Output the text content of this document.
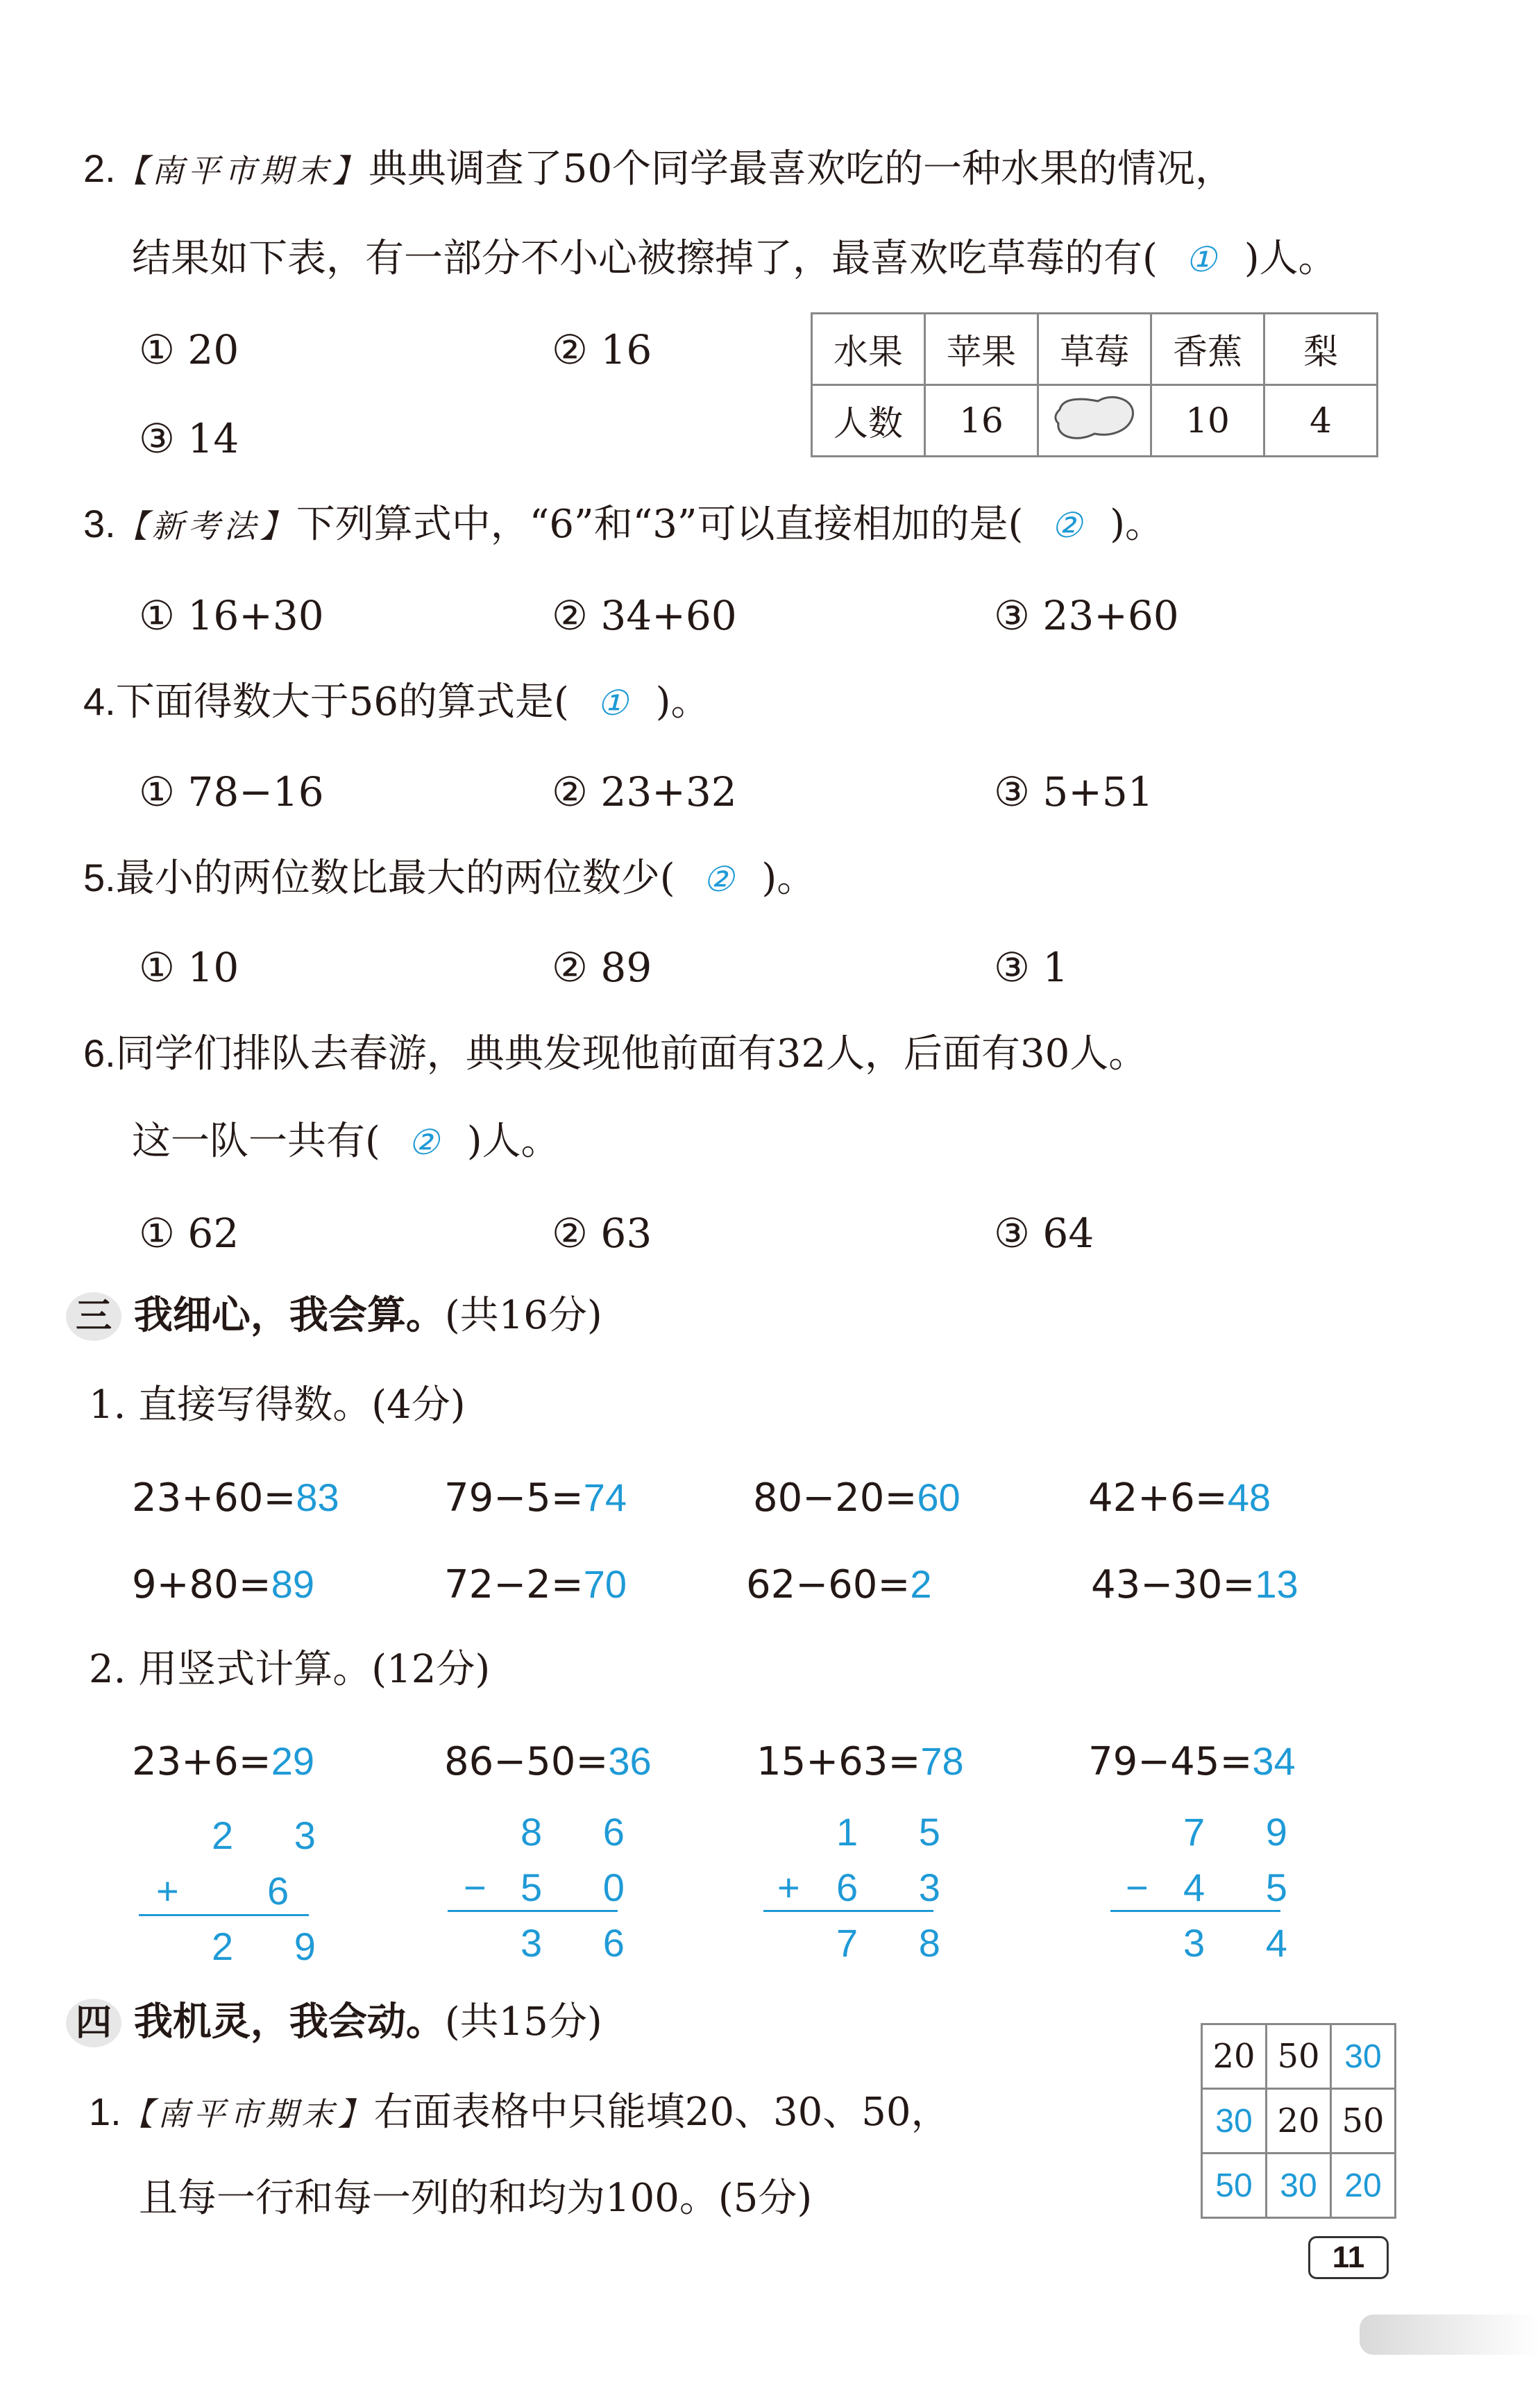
2.【南平市期末】典典调查了50个同学最喜欢吃的一种水果的情况，
结果如下表，有一部分不小心被擦掉了，最喜欢吃草莓的有( ① )人。
① 20	② 16
③ 14
水果	苹果	草莓	香蕉	梨
人数	16		10	4
3.【新考法】下列算式中，“6”和“3”可以直接相加的是( ② )。
① 16+30	② 34+60	③ 23+60
4.下面得数大于56的算式是( ① )。
① 78−16	② 23+32	③ 5+51
5.最小的两位数比最大的两位数少( ② )。
① 10	② 89	③ 1
6.同学们排队去春游，典典发现他前面有32人，后面有30人。
这一队一共有( ② )人。
① 62	② 63	③ 64
三 我细心，我会算。(共16分)
1. 直接写得数。(4分)
23+60=83	79−5=74	80−20=60	42+6=48
9+80=89	72−2=70	62−60=2	43−30=13
2. 用竖式计算。(12分)
23+6=29	86−50=36	15+63=78	79−45=34
2 3
+ 6
2 9
8 6
− 5 0
3 6
1 5
+ 6 3
7 8
7 9
− 4 5
3 4
四 我机灵，我会动。(共15分)
1.【南平市期末】右面表格中只能填20、30、50，
且每一行和每一列的和均为100。(5分)
20	50	30
30	20	50
50	30	20
11
